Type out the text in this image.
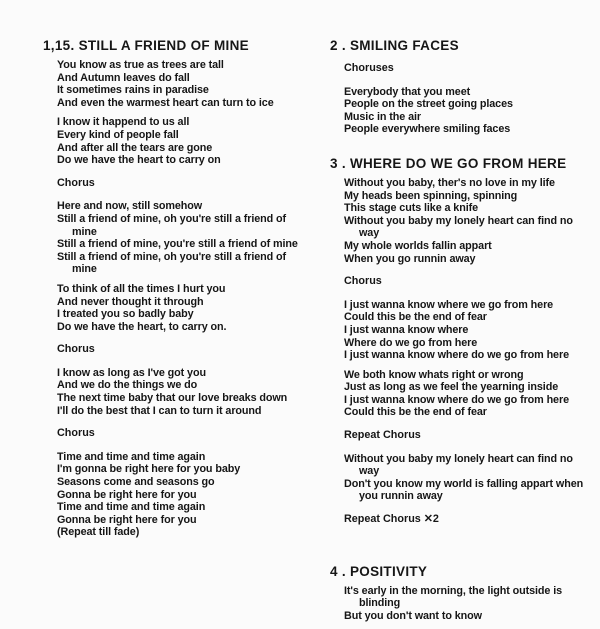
1,15. STILL A FRIEND OF MINE
You know as true as trees are tall
And Autumn leaves do fall
It sometimes rains in paradise
And even the warmest heart can turn to ice
I know it happend to us all
Every kind of people fall
And after all the tears are gone
Do we have the heart to carry on
Chorus
Here and now, still somehow
Still a friend of mine, oh you're still a friend of
mine
Still a friend of mine, you're still a friend of mine
Still a friend of mine, oh you're still a friend of
mine
To think of all the times I hurt you
And never thought it through
I treated you so badly baby
Do we have the heart, to carry on.
Chorus
I know as long as I've got you
And we do the things we do
The next time baby that our love breaks down
I'll do the best that I can to turn it around
Chorus
Time and time and time again
I'm gonna be right here for you baby
Seasons come and seasons go
Gonna be right here for you
Time and time and time again
Gonna be right here for you
(Repeat till fade)
2 . SMILING FACES
Choruses
Everybody that you meet
People on the street going places
Music in the air
People everywhere smiling faces
3 . WHERE DO WE GO FROM HERE
Without you baby, ther's no love in my life
My heads been spinning, spinning
This stage cuts like a knife
Without you baby my lonely heart can find no
way
My whole worlds fallin appart
When you go runnin away
Chorus
I just wanna know where we go from here
Could this be the end of fear
I just wanna know where
Where do we go from here
I just wanna know where do we go from here
We both know whats right or wrong
Just as long as we feel the yearning inside
I just wanna know where do we go from here
Could this be the end of fear
Repeat Chorus
Without you baby my lonely heart can find no
way
Don't you know my world is falling appart when
you runnin away
Repeat Chorus ✕2
4 . POSITIVITY
It's early in the morning, the light outside is
blinding
But you don't want to know
